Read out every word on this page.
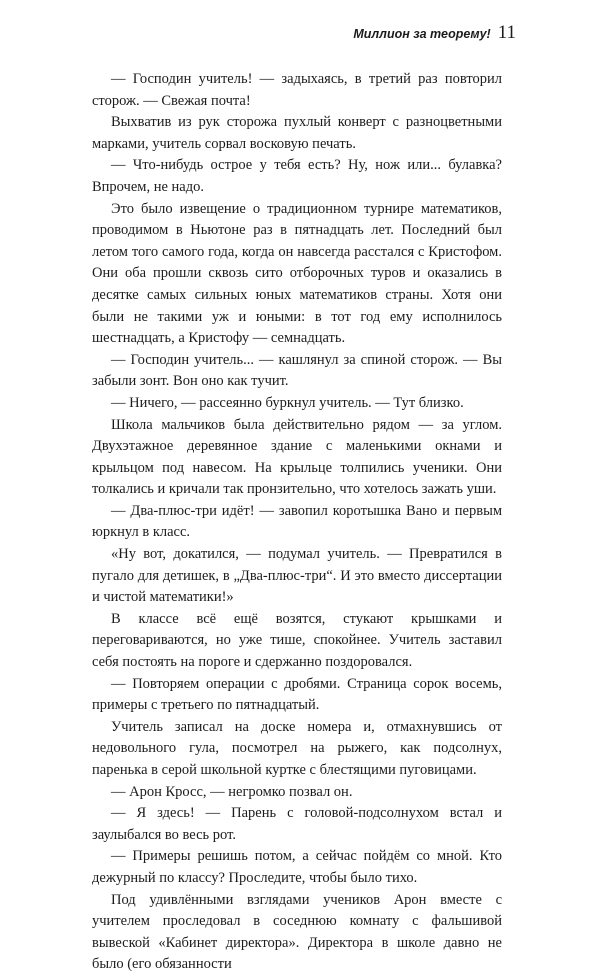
Миллион за теорему! 11

— Господин учитель! — задыхаясь, в третий раз повторил сторож. — Свежая почта!

Выхватив из рук сторожа пухлый конверт с разноцветными марками, учитель сорвал восковую печать.

— Что-нибудь острое у тебя есть? Ну, нож или... булавка? Впрочем, не надо.

Это было извещение о традиционном турнире математиков, проводимом в Ньютоне раз в пятнадцать лет. Последний был летом того самого года, когда он навсегда расстался с Кристофом. Они оба прошли сквозь сито отборочных туров и оказались в десятке самых сильных юных математиков страны. Хотя они были не такими уж и юными: в тот год ему исполнилось шестнадцать, а Кристофу — семнадцать.

— Господин учитель... — кашлянул за спиной сторож. — Вы забыли зонт. Вон оно как тучит.

— Ничего, — рассеянно буркнул учитель. — Тут близко.

Школа мальчиков была действительно рядом — за углом. Двухэтажное деревянное здание с маленькими окнами и крыльцом под навесом. На крыльце толпились ученики. Они толкались и кричали так пронзительно, что хотелось зажать уши.

— Два-плюс-три идёт! — завопил коротышка Вано и первым юркнул в класс.

«Ну вот, докатился, — подумал учитель. — Превратился в пугало для детишек, в „Два-плюс-три“. И это вместо диссертации и чистой математики!»

В классе всё ещё возятся, стукают крышками и переговариваются, но уже тише, спокойнее. Учитель заставил себя постоять на пороге и сдержанно поздоровался.

— Повторяем операции с дробями. Страница сорок восемь, примеры с третьего по пятнадцатый.

Учитель записал на доске номера и, отмахнувшись от недовольного гула, посмотрел на рыжего, как подсолнух, паренька в серой школьной куртке с блестящими пуговицами.

— Арон Кросс, — негромко позвал он.

— Я здесь! — Парень с головой-подсолнухом встал и заулыбался во весь рот.

— Примеры решишь потом, а сейчас пойдём со мной. Кто дежурный по классу? Проследите, чтобы было тихо.

Под удивлёнными взглядами учеников Арон вместе с учителем проследовал в соседнюю комнату с фальшивой вывеской «Кабинет директора». Директора в школе давно не было (его обязанности
